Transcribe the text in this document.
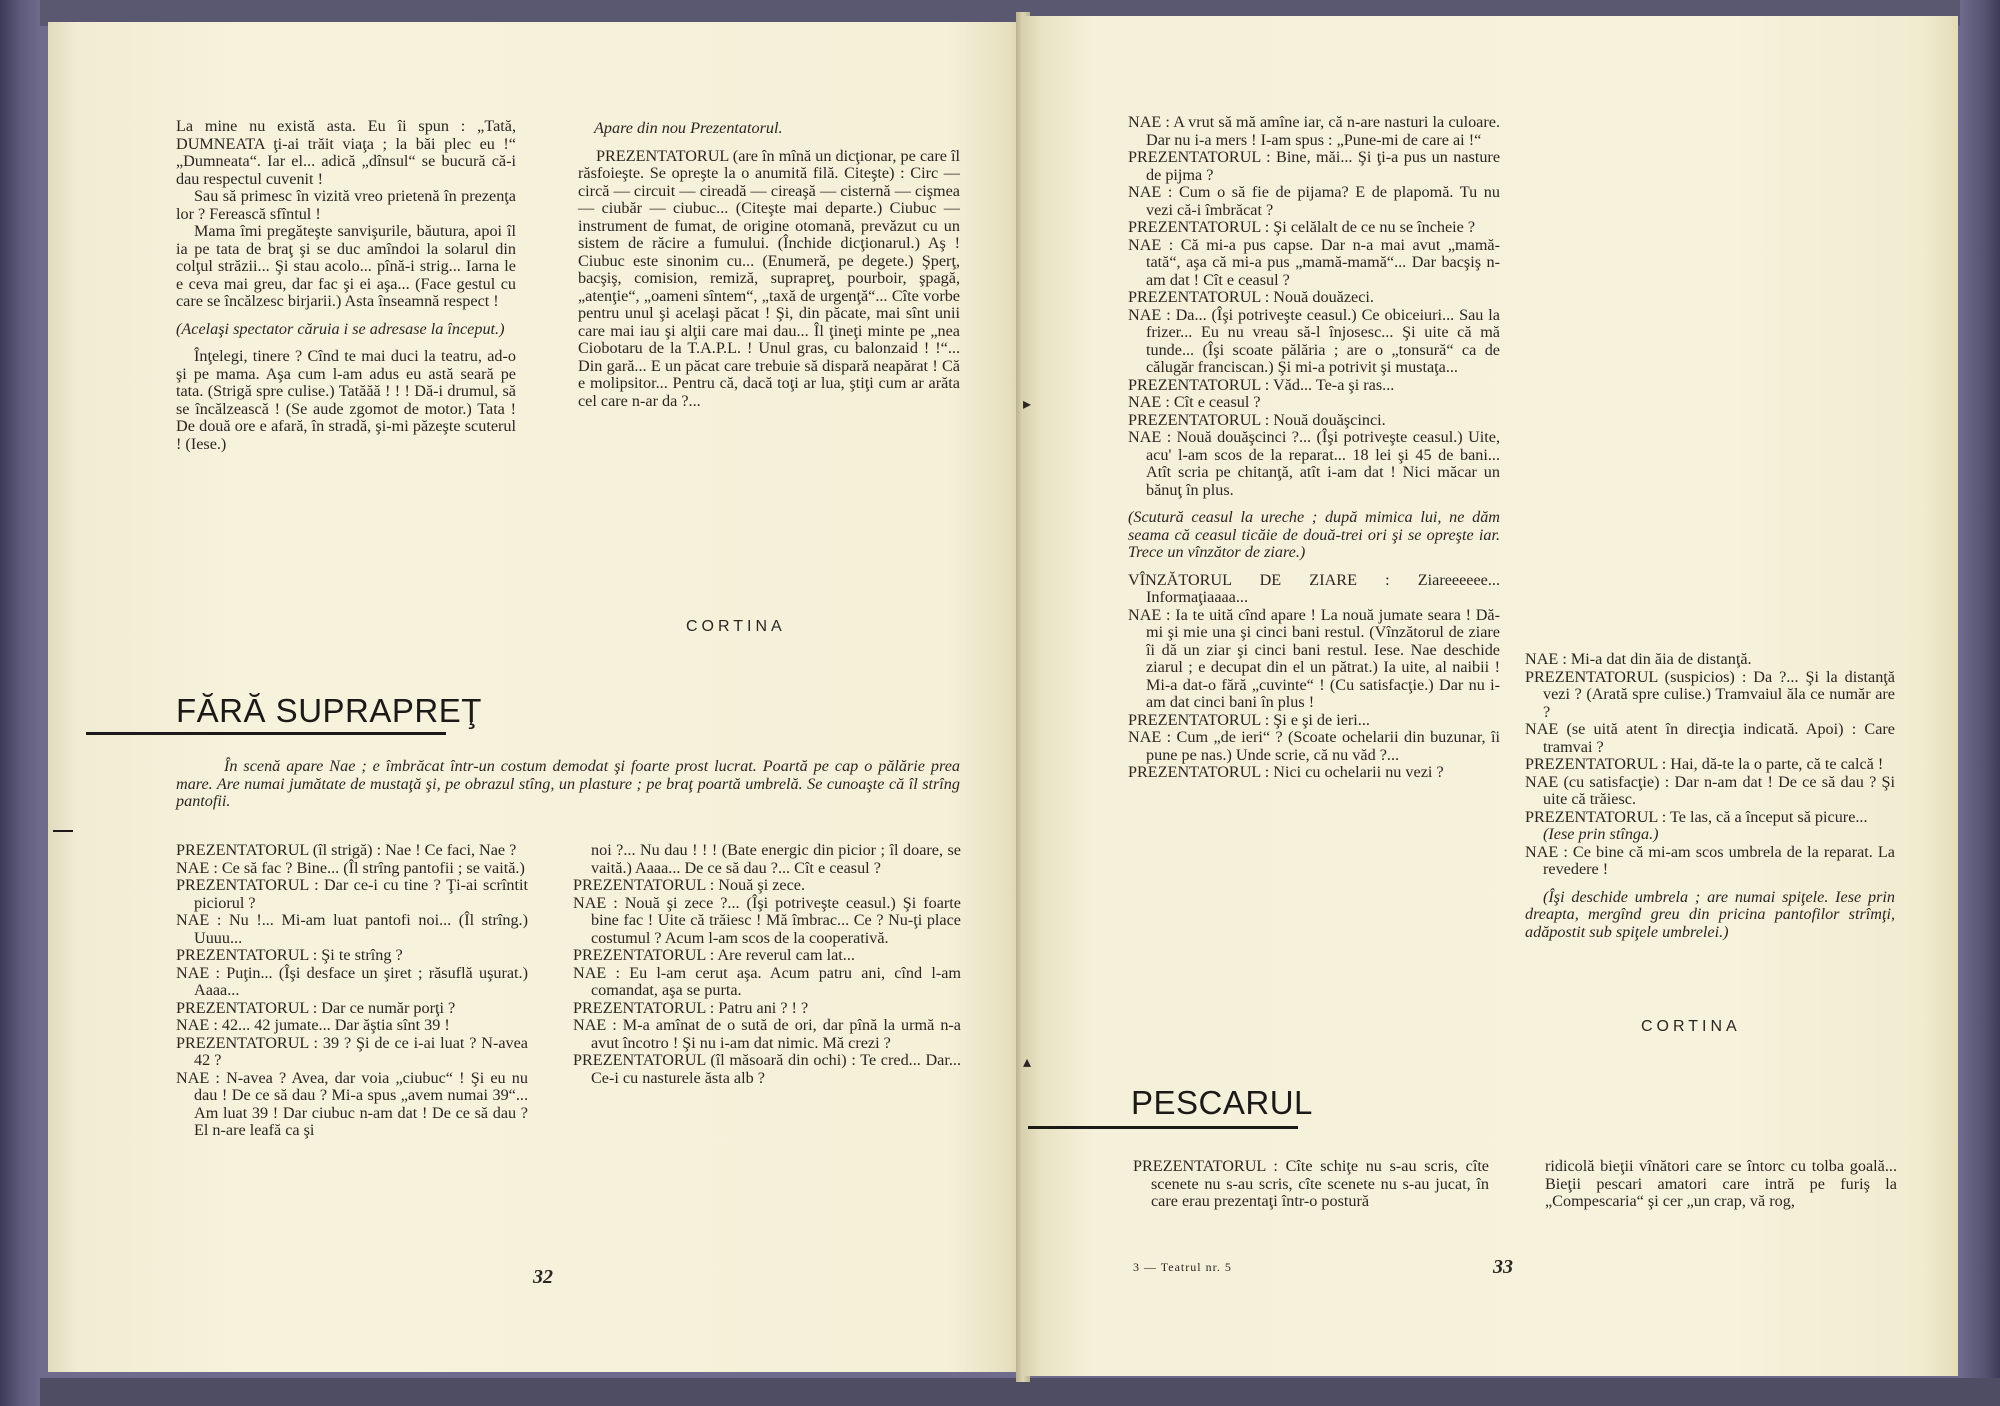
La mine nu există asta. Eu îi spun : „Tată, DUMNEATA ţi-ai trăit viaţa ; la băi plec eu !“ „Dumneata“. Iar el... adică „dînsul“ se bucură că-i dau respectul cuvenit !

Sau să primesc în vizită vreo prietenă în prezenţa lor ? Ferească sfîntul !

Mama îmi pregăteşte sanvişurile, băutura, apoi îl ia pe tata de braţ şi se duc amîndoi la solarul din colţul străzii... Şi stau acolo... pînă-i strig... Iarna le e ceva mai greu, dar fac şi ei aşa... (Face gestul cu care se încălzesc birjarii.) Asta înseamnă respect !

(Acelaşi spectator căruia i se adresase la început.)

Înţelegi, tinere ? Cînd te mai duci la teatru, ad-o şi pe mama. Aşa cum l-am adus eu astă seară pe tata. (Strigă spre culise.) Tatăăă ! ! ! Dă-i drumul, să se încălzească ! (Se aude zgomot de motor.) Tata ! De două ore e afară, în stradă, şi-mi păzeşte scuterul ! (Iese.)

Apare din nou Prezentatorul.

PREZENTATORUL (are în mînă un dicţionar, pe care îl răsfoieşte. Se opreşte la o anumită filă. Citeşte) : Circ — circă — circuit — cireadă — cireaşă — cisternă — cişmea — ciubăr — ciubuc... (Citeşte mai departe.) Ciubuc — instrument de fumat, de origine otomană, prevăzut cu un sistem de răcire a fumului. (Închide dicţionarul.) Aş ! Ciubuc este sinonim cu... (Enumeră, pe degete.) Şperţ, bacşiş, comision, remiză, suprapreţ, pourboir, şpagă, „atenţie“, „oameni sîntem“, „taxă de urgenţă“... Cîte vorbe pentru unul şi acelaşi păcat ! Şi, din păcate, mai sînt unii care mai iau şi alţii care mai dau... Îl ţineţi minte pe „nea Ciobotaru de la T.A.P.L. ! Unul gras, cu balonzaid ! !“... Din gară... E un păcat care trebuie să dispară neapărat ! Că e molipsitor... Pentru că, dacă toţi ar lua, ştiţi cum ar arăta cel care n-ar da ?...

CORTINA
FĂRĂ SUPRAPREŢ

În scenă apare Nae ; e îmbrăcat într-un costum demodat şi foarte prost lucrat. Poartă pe cap o pălărie prea mare. Are numai jumătate de mustaţă şi, pe obrazul stîng, un plasture ; pe braţ poartă umbrelă. Se cunoaşte că îl strîng pantofii.

PREZENTATORUL (îl strigă) : Nae ! Ce faci, Nae ?

NAE : Ce să fac ? Bine... (Îl strîng pantofii ; se vaită.)

PREZENTATORUL : Dar ce-i cu tine ? Ţi-ai scrîntit piciorul ?

NAE : Nu !... Mi-am luat pantofi noi... (Îl strîng.) Uuuu...

PREZENTATORUL : Şi te strîng ?

NAE : Puţin... (Îşi desface un şiret ; răsuflă uşurat.) Aaaa...

PREZENTATORUL : Dar ce număr porţi ?

NAE : 42... 42 jumate... Dar ăştia sînt 39 !

PREZENTATORUL : 39 ? Şi de ce i-ai luat ? N-avea 42 ?

NAE : N-avea ? Avea, dar voia „ciubuc“ ! Şi eu nu dau ! De ce să dau ? Mi-a spus „avem numai 39“... Am luat 39 ! Dar ciubuc n-am dat ! De ce să dau ? El n-are leafă ca şi

noi ?... Nu dau ! ! ! (Bate energic din picior ; îl doare, se vaită.) Aaaa... De ce să dau ?... Cît e ceasul ?

PREZENTATORUL : Nouă şi zece.

NAE : Nouă şi zece ?... (Îşi potriveşte ceasul.) Şi foarte bine fac ! Uite că trăiesc ! Mă îmbrac... Ce ? Nu-ţi place costumul ? Acum l-am scos de la cooperativă.

PREZENTATORUL : Are reverul cam lat...

NAE : Eu l-am cerut aşa. Acum patru ani, cînd l-am comandat, aşa se purta.

PREZENTATORUL : Patru ani ? ! ?

NAE : M-a amînat de o sută de ori, dar pînă la urmă n-a avut încotro ! Şi nu i-am dat nimic. Mă crezi ?

PREZENTATORUL (îl măsoară din ochi) : Te cred... Dar... Ce-i cu nasturele ăsta alb ?

32

NAE : A vrut să mă amîne iar, că n-are nasturi la culoare. Dar nu i-a mers ! I-am spus : „Pune-mi de care ai !“

PREZENTATORUL : Bine, măi... Şi ţi-a pus un nasture de pijma ?

NAE : Cum o să fie de pijama? E de plapomă. Tu nu vezi că-i îmbrăcat ?

PREZENTATORUL : Şi celălalt de ce nu se încheie ?

NAE : Că mi-a pus capse. Dar n-a mai avut „mamă-tată“, aşa că mi-a pus „mamă-mamă“... Dar bacşiş n-am dat ! Cît e ceasul ?

PREZENTATORUL : Nouă douăzeci.

NAE : Da... (Îşi potriveşte ceasul.) Ce obiceiuri... Sau la frizer... Eu nu vreau să-l înjosesc... Şi uite că mă tunde... (Îşi scoate pălăria ; are o „tonsură“ ca de călugăr franciscan.) Şi mi-a potrivit şi mustaţa...

PREZENTATORUL : Văd... Te-a şi ras...

NAE : Cît e ceasul ?

PREZENTATORUL : Nouă douăşcinci.

NAE : Nouă douăşcinci ?... (Îşi potriveşte ceasul.) Uite, acu' l-am scos de la reparat... 18 lei şi 45 de bani... Atît scria pe chitanţă, atît i-am dat ! Nici măcar un bănuţ în plus.

(Scutură ceasul la ureche ; după mimica lui, ne dăm seama că ceasul ticăie de două-trei ori şi se opreşte iar. Trece un vînzător de ziare.)

VÎNZĂTORUL DE ZIARE : Ziareeeeee... Informaţiaaaa...

NAE : Ia te uită cînd apare ! La nouă jumate seara ! Dă-mi şi mie una şi cinci bani restul. (Vînzătorul de ziare îi dă un ziar şi cinci bani restul. Iese. Nae deschide ziarul ; e decupat din el un pătrat.) Ia uite, al naibii ! Mi-a dat-o fără „cuvinte“ ! (Cu satisfacţie.) Dar nu i-am dat cinci bani în plus !

PREZENTATORUL : Şi e şi de ieri...

NAE : Cum „de ieri“ ? (Scoate ochelarii din buzunar, îi pune pe nas.) Unde scrie, că nu văd ?...

PREZENTATORUL : Nici cu ochelarii nu vezi ?

▸
▴

NAE : Mi-a dat din ăia de distanţă.

PREZENTATORUL (suspicios) : Da ?... Şi la distanţă vezi ? (Arată spre culise.) Tramvaiul ăla ce număr are ?

NAE (se uită atent în direcţia indicată. Apoi) : Care tramvai ?

PREZENTATORUL : Hai, dă-te la o parte, că te calcă !

NAE (cu satisfacţie) : Dar n-am dat ! De ce să dau ? Şi uite că trăiesc.

PREZENTATORUL : Te las, că a început să picure...

(Iese prin stînga.)

NAE : Ce bine că mi-am scos umbrela de la reparat. La revedere !

(Îşi deschide umbrela ; are numai spiţele. Iese prin dreapta, mergînd greu din pricina pantofilor strîmţi, adăpostit sub spiţele umbrelei.)

CORTINA
PESCARUL

PREZENTATORUL : Cîte schiţe nu s-au scris, cîte scenete nu s-au scris, cîte scenete nu s-au jucat, în care erau prezentaţi într-o postură

ridicolă bieţii vînători care se întorc cu tolba goală... Bieţii pescari amatori care intră pe furiş la „Compescaria“ şi cer „un crap, vă rog,

3 — Teatrul nr. 5	33
